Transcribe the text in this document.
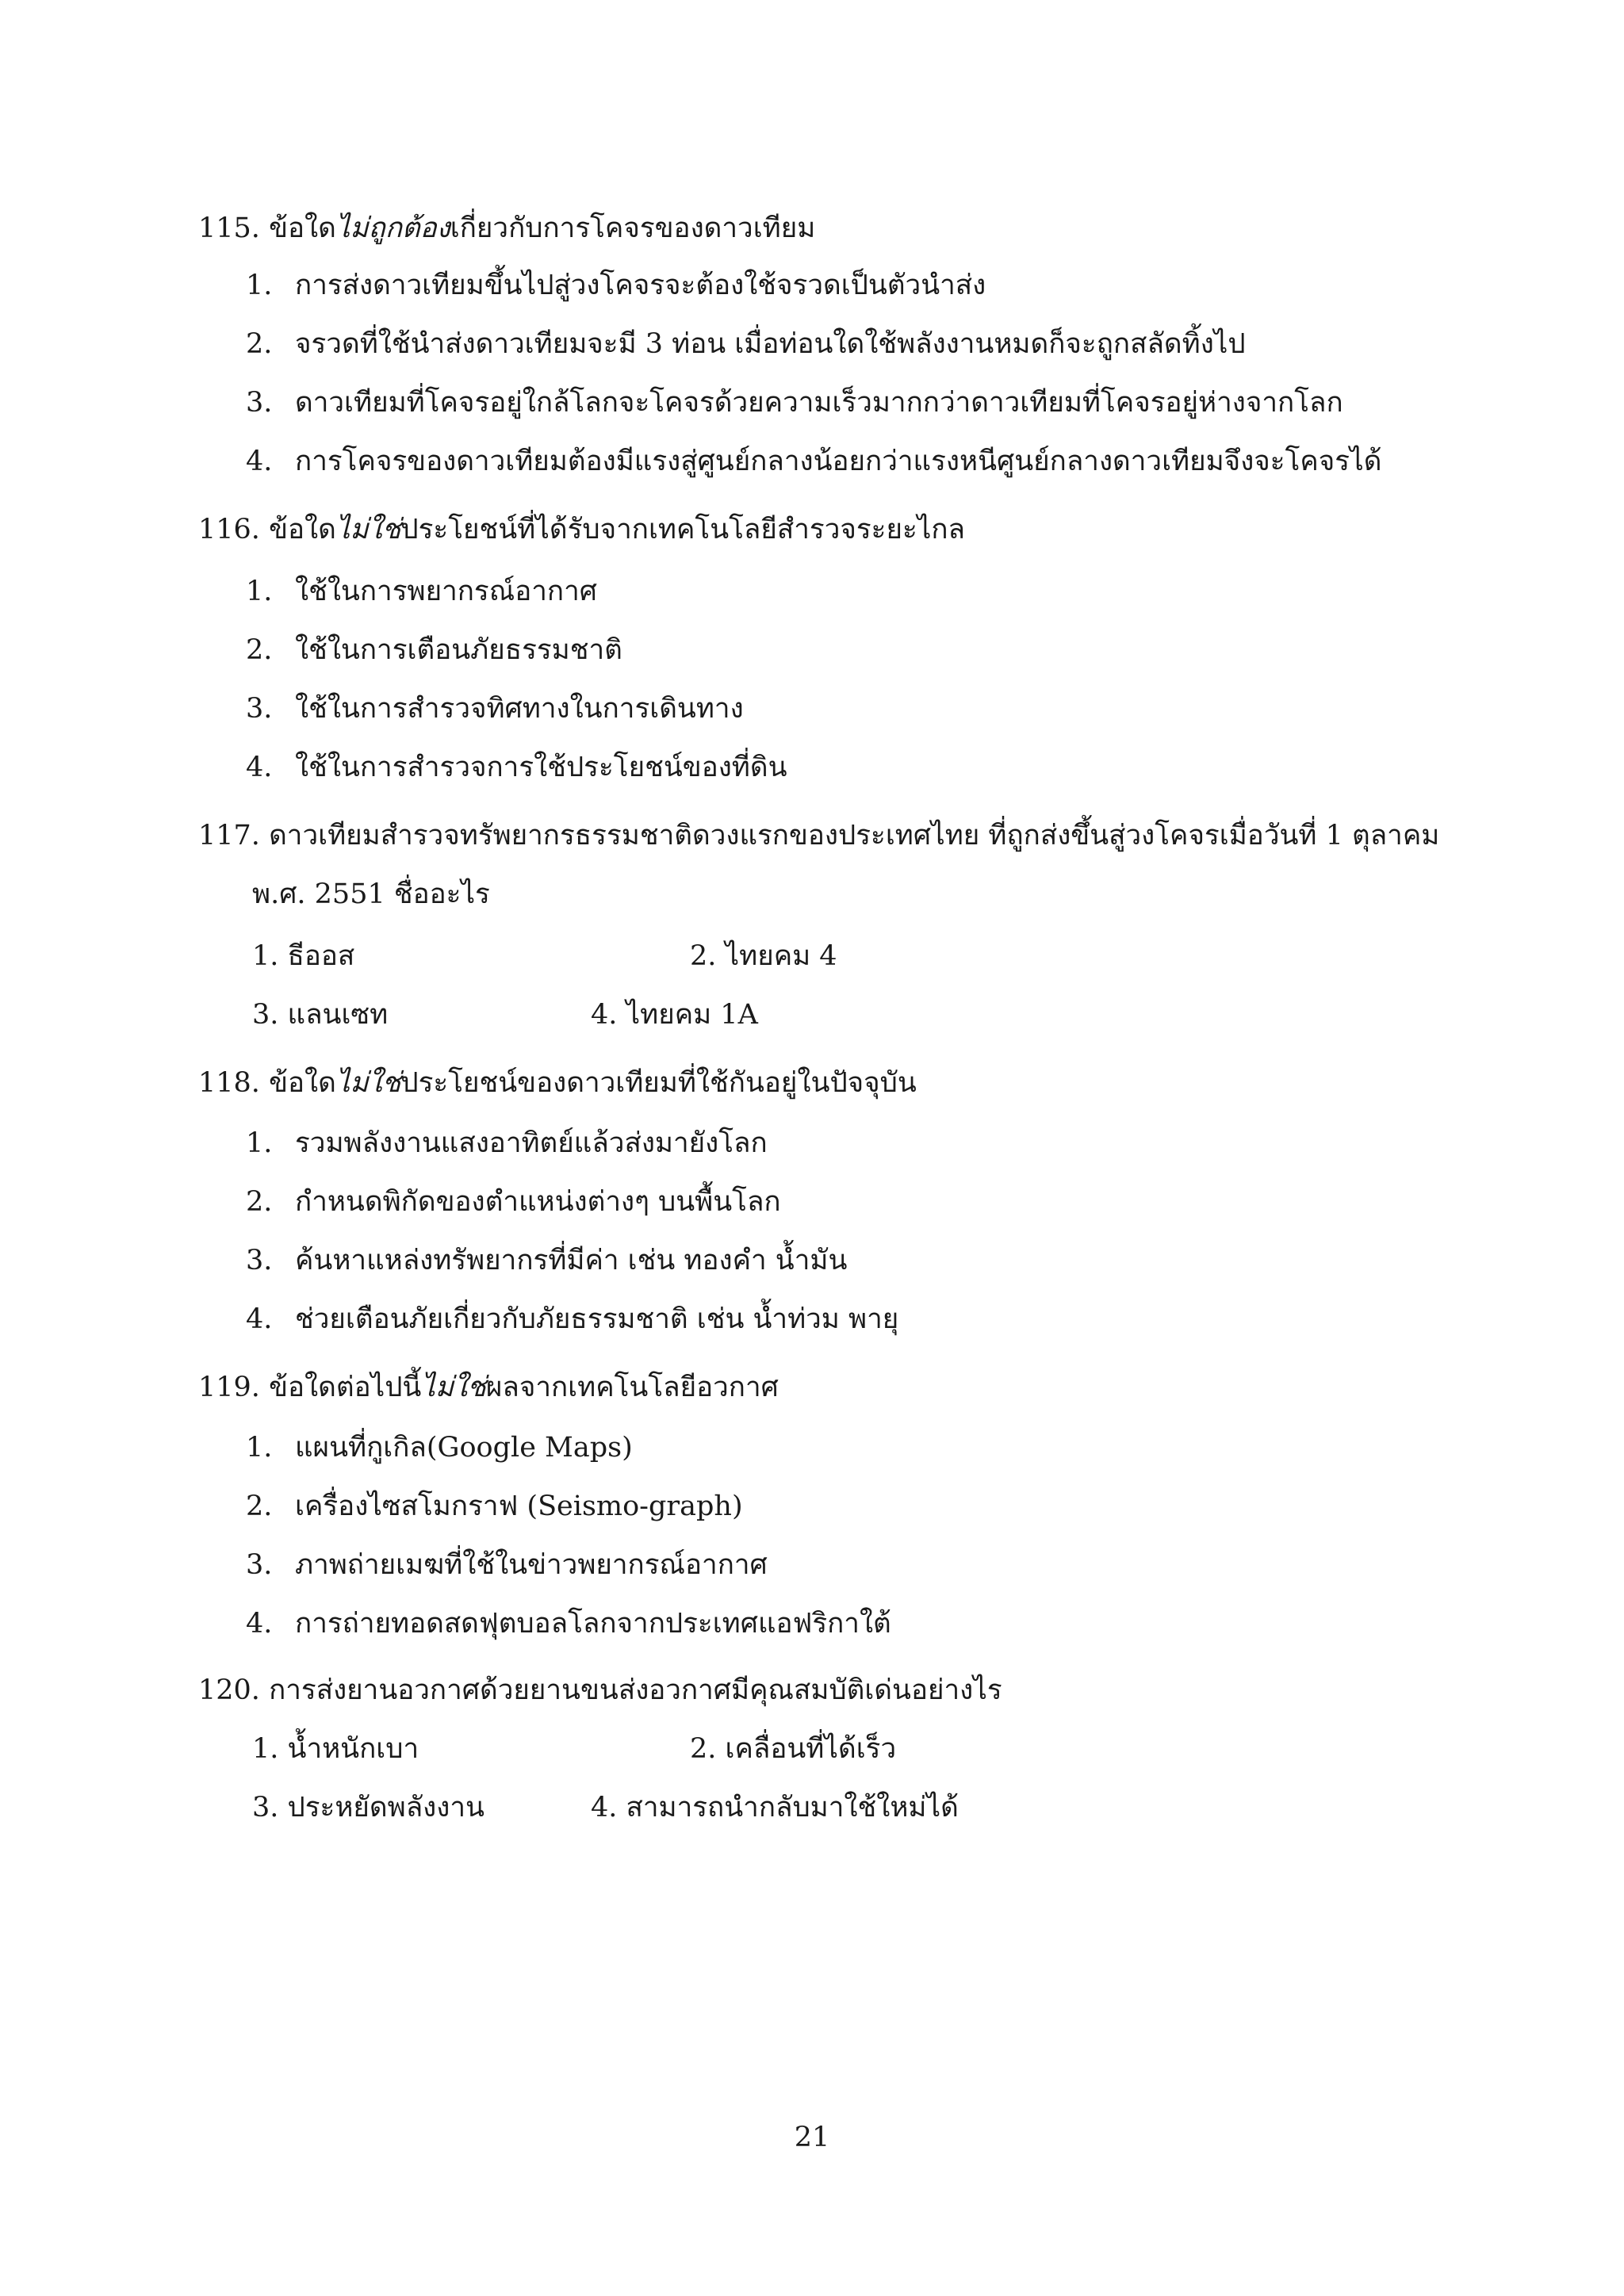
115. ข้อใดไม่ถูกต้องเกี่ยวกับการโคจรของดาวเทียม
1. การส่งดาวเทียมขึ้นไปสู่วงโคจรจะต้องใช้จรวดเป็นตัวนำส่ง
2. จรวดที่ใช้นำส่งดาวเทียมจะมี 3 ท่อน เมื่อท่อนใดใช้พลังงานหมดก็จะถูกสลัดทิ้งไป
3. ดาวเทียมที่โคจรอยู่ใกล้โลกจะโคจรด้วยความเร็วมากกว่าดาวเทียมที่โคจรอยู่ห่างจากโลก
4. การโคจรของดาวเทียมต้องมีแรงสู่ศูนย์กลางน้อยกว่าแรงหนีศูนย์กลางดาวเทียมจึงจะโคจรได้
116. ข้อใดไม่ใช่ประโยชน์ที่ได้รับจากเทคโนโลยีสำรวจระยะไกล
1. ใช้ในการพยากรณ์อากาศ
2. ใช้ในการเตือนภัยธรรมชาติ
3. ใช้ในการสำรวจทิศทางในการเดินทาง
4. ใช้ในการสำรวจการใช้ประโยชน์ของที่ดิน
117. ดาวเทียมสำรวจทรัพยากรธรรมชาติดวงแรกของประเทศไทย ที่ถูกส่งขึ้นสู่วงโคจรเมื่อวันที่ 1 ตุลาคม
พ.ศ. 2551 ชื่ออะไร
1. ธีออส	2. ไทยคม 4
3. แลนเซท	4. ไทยคม 1A
118. ข้อใดไม่ใช่ประโยชน์ของดาวเทียมที่ใช้กันอยู่ในปัจจุบัน
1. รวมพลังงานแสงอาทิตย์แล้วส่งมายังโลก
2. กำหนดพิกัดของตำแหน่งต่างๆ บนพื้นโลก
3. ค้นหาแหล่งทรัพยากรที่มีค่า เช่น ทองคำ น้ำมัน
4. ช่วยเตือนภัยเกี่ยวกับภัยธรรมชาติ เช่น น้ำท่วม พายุ
119. ข้อใดต่อไปนี้ไม่ใช่ผลจากเทคโนโลยีอวกาศ
1. แผนที่กูเกิล(Google Maps)
2. เครื่องไซสโมกราฟ (Seismo-graph)
3. ภาพถ่ายเมฆที่ใช้ในข่าวพยากรณ์อากาศ
4. การถ่ายทอดสดฟุตบอลโลกจากประเทศแอฟริกาใต้
120. การส่งยานอวกาศด้วยยานขนส่งอวกาศมีคุณสมบัติเด่นอย่างไร
1. น้ำหนักเบา	2. เคลื่อนที่ได้เร็ว
3. ประหยัดพลังงาน	4. สามารถนำกลับมาใช้ใหม่ได้
21
